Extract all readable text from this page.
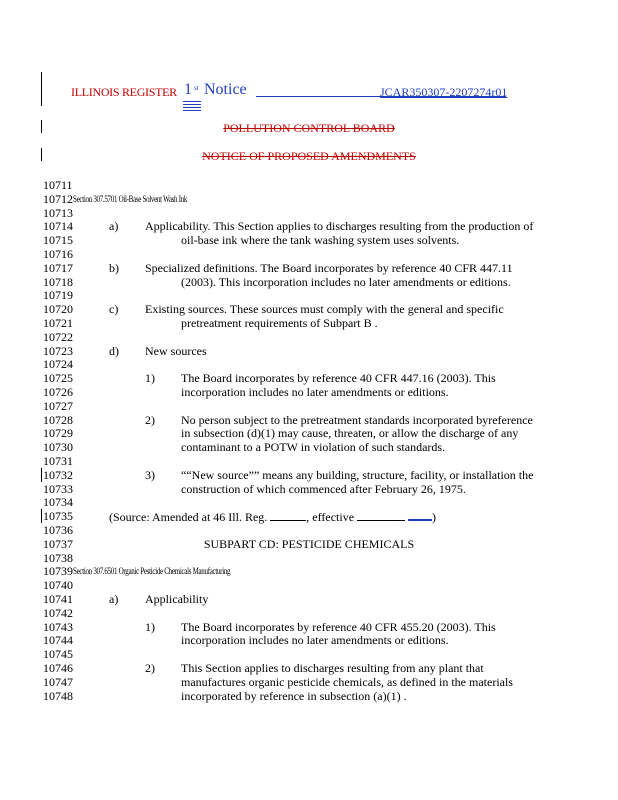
ILLINOIS REGISTER 1 st Notice	JCAR350307-2207274r01
POLLUTION CONTROL BOARD
NOTICE OF PROPOSED AMENDMENTS
10711
10712 Section 307.5701 Oil-Base Solvent Wash Ink
10713
10714	a) Applicability. This Section applies to discharges resulting from the production of
10715	oil-base ink where the tank washing system uses solvents.
10716
10717	b) Specialized definitions. The Board incorporates by reference 40 CFR 447.11
10718	(2003). This incorporation includes no later amendments or editions.
10719
10720	c) Existing sources. These sources must comply with the general and specific
10721	pretreatment requirements of Subpart B .
10722
10723	d) New sources
10724
10725	1) The Board incorporates by reference 40 CFR 447.16 (2003). This
10726	incorporation includes no later amendments or editions.
10727
10728	2) No person subject to the pretreatment standards incorporated byreference
10729	in subsection (d)(1) may cause, threaten, or allow the discharge of any
10730	contaminant to a POTW in violation of such standards.
10731
10732	3) ““New source”” means any building, structure, facility, or installation the
10733	construction of which commenced after February 26, 1975.
10734
10735	(Source: Amended at 46 Ill. Reg.	, effective	)
10736
10737	SUBPART CD: PESTICIDE CHEMICALS
10738
10739 Section 307.6501 Organic Pesticide Chemicals Manufacturing
10740
10741	a) Applicability
10742
10743	1) The Board incorporates by reference 40 CFR 455.20 (2003). This
10744	incorporation includes no later amendments or editions.
10745
10746	2) This Section applies to discharges resulting from any plant that
10747	manufactures organic pesticide chemicals, as defined in the materials
10748	incorporated by reference in subsection (a)(1) .
